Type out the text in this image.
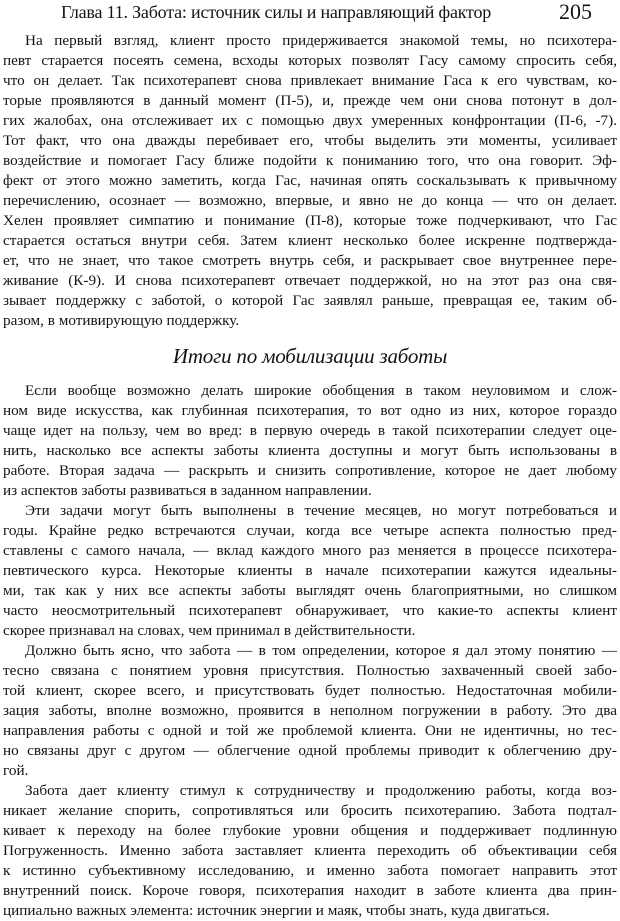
Глава 11. Забота: источник силы и направляющий фактор	205
На первый взгляд, клиент просто придерживается знакомой темы, но психотера-
певт старается посеять семена, всходы которых позволят Гасу самому спросить себя,
что он делает. Так психотерапевт снова привлекает внимание Гаса к его чувствам, ко-
торые проявляются в данный момент (П-5), и, прежде чем они снова потонут в дол-
гих жалобах, она отслеживает их с помощью двух умеренных конфронтации (П-6, -7).
Тот факт, что она дважды перебивает его, чтобы выделить эти моменты, усиливает
воздействие и помогает Гасу ближе подойти к пониманию того, что она говорит. Эф-
фект от этого можно заметить, когда Гас, начиная опять соскальзывать к привычному
перечислению, осознает — возможно, впервые, и явно не до конца — что он делает.
Хелен проявляет симпатию и понимание (П-8), которые тоже подчеркивают, что Гас
старается остаться внутри себя. Затем клиент несколько более искренне подтвержда-
ет, что не знает, что такое смотреть внутрь себя, и раскрывает свое внутреннее пере-
живание (К-9). И снова психотерапевт отвечает поддержкой, но на этот раз она свя-
зывает поддержку с заботой, о которой Гас заявлял раньше, превращая ее, таким об-
разом, в мотивирующую поддержку.
Итоги по мобилизации заботы
Если вообще возможно делать широкие обобщения в таком неуловимом и слож-
ном виде искусства, как глубинная психотерапия, то вот одно из них, которое гораздо
чаще идет на пользу, чем во вред: в первую очередь в такой психотерапии следует оце-
нить, насколько все аспекты заботы клиента доступны и могут быть использованы в
работе. Вторая задача — раскрыть и снизить сопротивление, которое не дает любому
из аспектов заботы развиваться в заданном направлении.
Эти задачи могут быть выполнены в течение месяцев, но могут потребоваться и
годы. Крайне редко встречаются случаи, когда все четыре аспекта полностью пред-
ставлены с самого начала, — вклад каждого много раз меняется в процессе психотера-
певтического курса. Некоторые клиенты в начале психотерапии кажутся идеальны-
ми, так как у них все аспекты заботы выглядят очень благоприятными, но слишком
часто неосмотрительный психотерапевт обнаруживает, что какие-то аспекты клиент
скорее признавал на словах, чем принимал в действительности.
Должно быть ясно, что забота — в том определении, которое я дал этому понятию —
тесно связана с понятием уровня присутствия. Полностью захваченный своей забо-
той клиент, скорее всего, и присутствовать будет полностью. Недостаточная мобили-
зация заботы, вполне возможно, проявится в неполном погружении в работу. Это два
направления работы с одной и той же проблемой клиента. Они не идентичны, но тес-
но связаны друг с другом — облегчение одной проблемы приводит к облегчению дру-
гой.
Забота дает клиенту стимул к сотрудничеству и продолжению работы, когда воз-
никает желание спорить, сопротивляться или бросить психотерапию. Забота подтал-
кивает к переходу на более глубокие уровни общения и поддерживает подлинную
Погруженность. Именно забота заставляет клиента переходить об объективации себя
к истинно субъективному исследованию, и именно забота помогает направить этот
внутренний поиск. Короче говоря, психотерапия находит в заботе клиента два прин-
ципиально важных элемента: источник энергии и маяк, чтобы знать, куда двигаться.
